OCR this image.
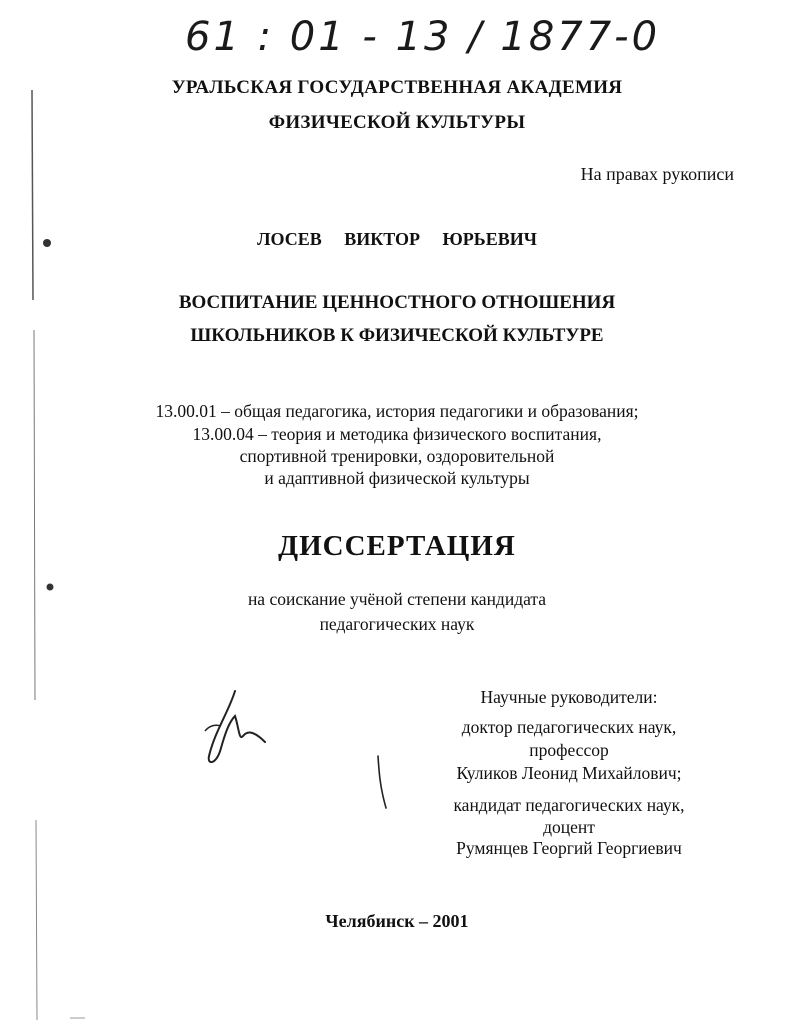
61 : 01 - 13 / 1877-0
УРАЛЬСКАЯ ГОСУДАРСТВЕННАЯ АКАДЕМИЯ
ФИЗИЧЕСКОЙ КУЛЬТУРЫ
На правах рукописи
ЛОСЕВ ВИКТОР ЮРЬЕВИЧ
ВОСПИТАНИЕ ЦЕННОСТНОГО ОТНОШЕНИЯ
ШКОЛЬНИКОВ К ФИЗИЧЕСКОЙ КУЛЬТУРЕ
13.00.01 – общая педагогика, история педагогики и образования;
13.00.04 – теория и методика физического воспитания,
спортивной тренировки, оздоровительной
и адаптивной физической культуры
ДИССЕРТАЦИЯ
на соискание учёной степени кандидата
педагогических наук
Научные руководители:
доктор педагогических наук,
профессор
Куликов Леонид Михайлович;
кандидат педагогических наук,
доцент
Румянцев Георгий Георгиевич
Челябинск – 2001
